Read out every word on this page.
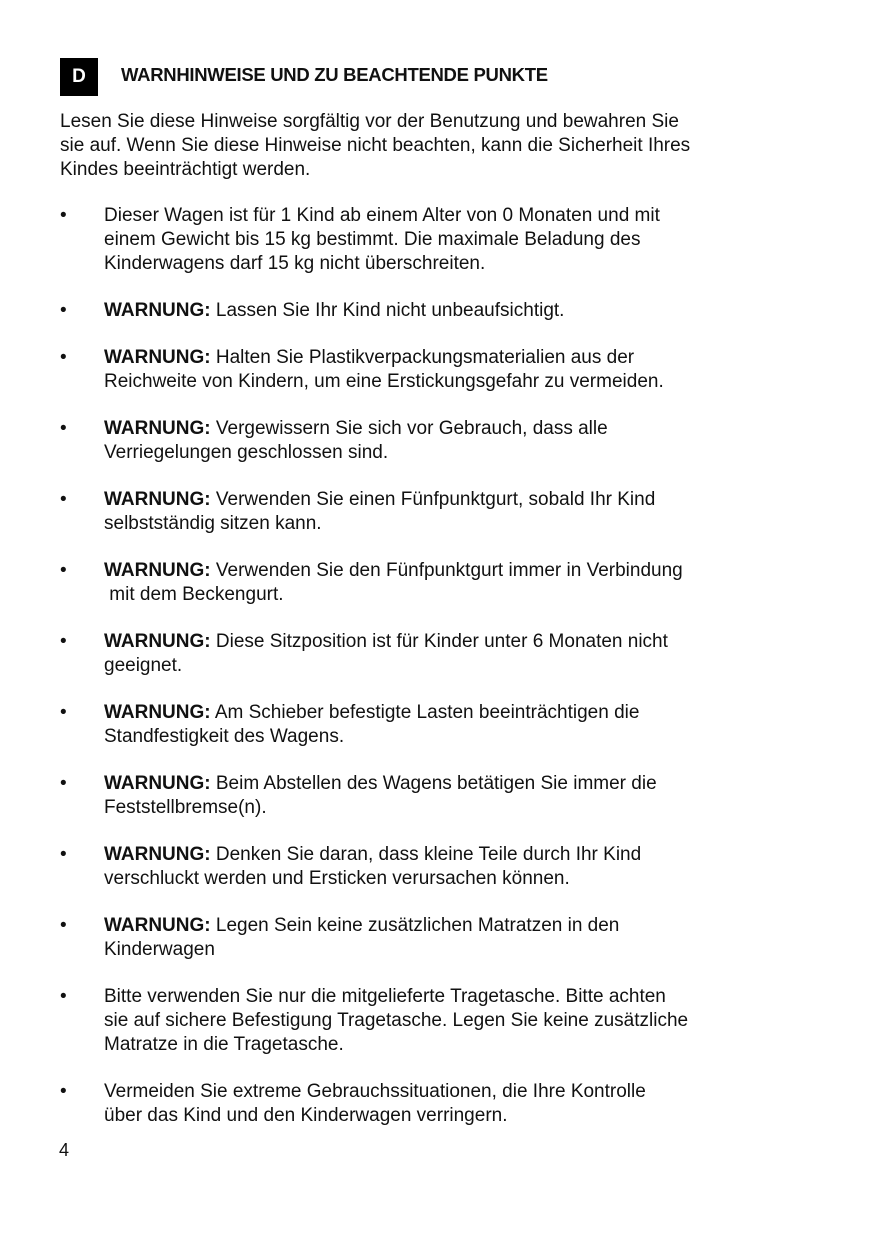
D	WARNHINWEISE UND ZU BEACHTENDE PUNKTE
Lesen Sie diese Hinweise sorgfältig vor der Benutzung und bewahren Sie
sie auf. Wenn Sie diese Hinweise nicht beachten, kann die Sicherheit Ihres
Kindes beeinträchtigt werden.
• Dieser Wagen ist für 1 Kind ab einem Alter von 0 Monaten und mit
einem Gewicht bis 15 kg bestimmt. Die maximale Beladung des
Kinderwagens darf 15 kg nicht überschreiten.
• WARNUNG: Lassen Sie Ihr Kind nicht unbeaufsichtigt.
• WARNUNG: Halten Sie Plastikverpackungsmaterialien aus der
Reichweite von Kindern, um eine Erstickungsgefahr zu vermeiden.
• WARNUNG: Vergewissern Sie sich vor Gebrauch, dass alle
Verriegelungen geschlossen sind.
• WARNUNG: Verwenden Sie einen Fünfpunktgurt, sobald Ihr Kind
selbstständig sitzen kann.
• WARNUNG: Verwenden Sie den Fünfpunktgurt immer in Verbindung
mit dem Beckengurt.
• WARNUNG: Diese Sitzposition ist für Kinder unter 6 Monaten nicht
geeignet.
• WARNUNG: Am Schieber befestigte Lasten beeinträchtigen die
Standfestigkeit des Wagens.
• WARNUNG: Beim Abstellen des Wagens betätigen Sie immer die
Feststellbremse(n).
• WARNUNG: Denken Sie daran, dass kleine Teile durch Ihr Kind
verschluckt werden und Ersticken verursachen können.
• WARNUNG: Legen Sein keine zusätzlichen Matratzen in den
Kinderwagen
• Bitte verwenden Sie nur die mitgelieferte Tragetasche. Bitte achten
sie auf sichere Befestigung Tragetasche. Legen Sie keine zusätzliche
Matratze in die Tragetasche.
• Vermeiden Sie extreme Gebrauchssituationen, die Ihre Kontrolle
über das Kind und den Kinderwagen verringern.
4
